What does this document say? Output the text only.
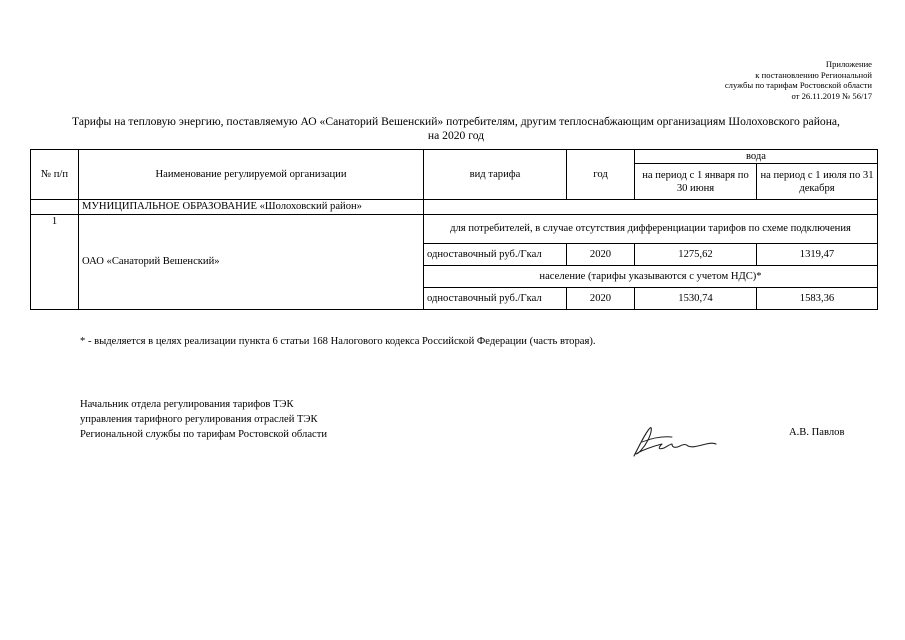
Приложение
к постановлению Региональной
службы по тарифам Ростовской области
от 26.11.2019 № 56/17
Тарифы на тепловую энергию, поставляемую АО «Санаторий Вешенский» потребителям, другим теплоснабжающим организациям Шолоховского района,
на 2020 год
№ п/п	Наименование регулируемой организации	вид тарифа	год	вода	
				на период с 1 января по 30 июня	на период с 1 июля по 31 декабря
	МУНИЦИПАЛЬНОЕ ОБРАЗОВАНИЕ «Шолоховский район»				
1	ОАО «Санаторий Вешенский»	для потребителей, в случае отсутствия дифференциации тарифов по схеме подключения			
		одноставочный руб./Гкал	2020	1275,62	1319,47
		население (тарифы указываются с учетом НДС)*			
		одноставочный руб./Гкал	2020	1530,74	1583,36
* - выделяется в целях реализации пункта 6 статьи 168 Налогового кодекса Российской Федерации (часть вторая).
Начальник отдела регулирования тарифов ТЭК
управления тарифного регулирования отраслей ТЭК
Региональной службы по тарифам Ростовской области	А.В. Павлов
